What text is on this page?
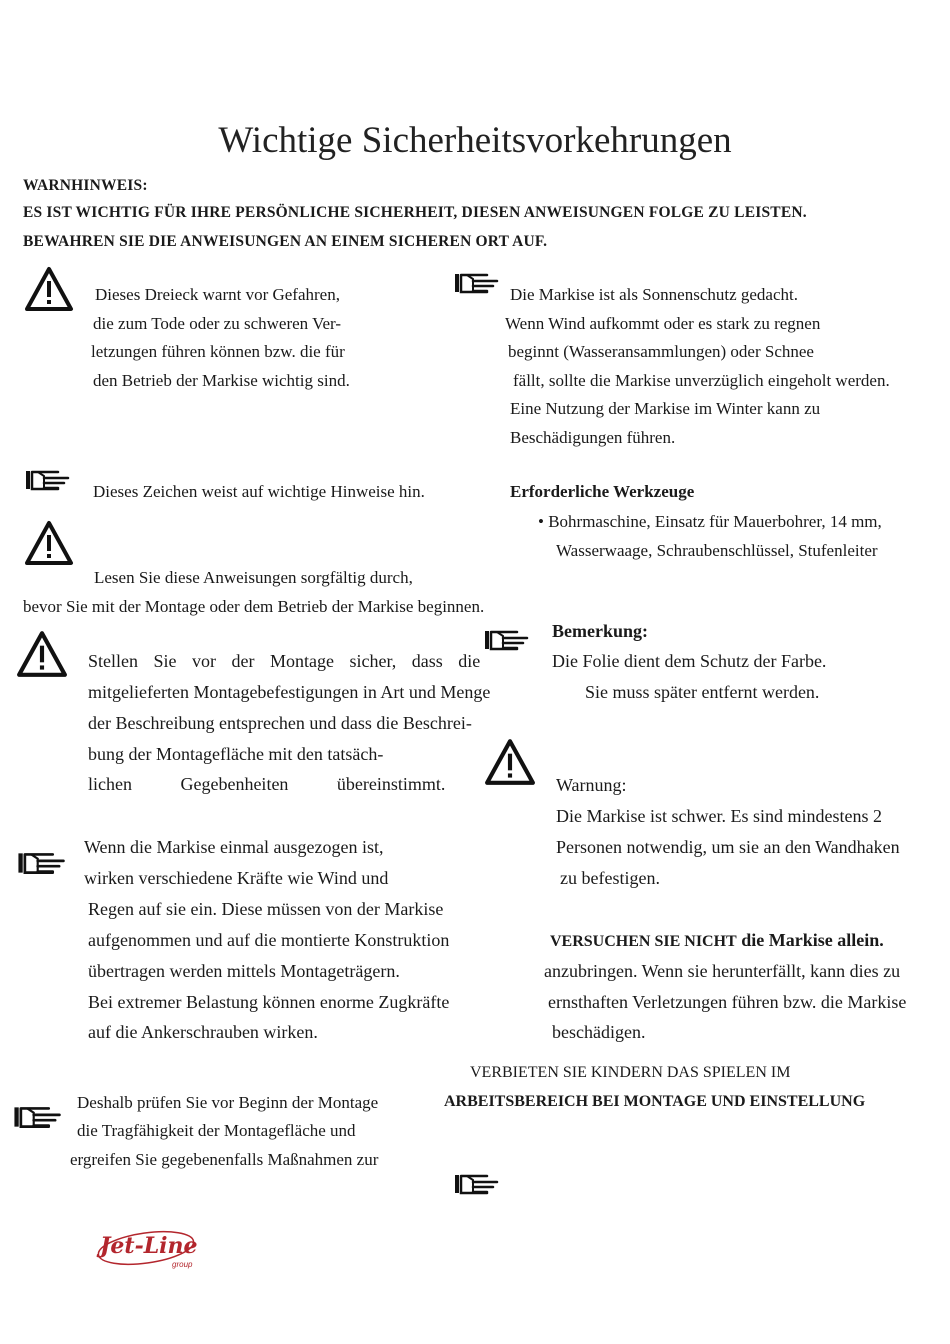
Wichtige Sicherheitsvorkehrungen
WARNHINWEIS:
ES IST WICHTIG FÜR IHRE PERSÖNLICHE SICHERHEIT, DIESEN ANWEISUNGEN FOLGE ZU LEISTEN.
BEWAHREN SIE DIE ANWEISUNGEN AN EINEM SICHEREN ORT AUF.
Dieses Dreieck warnt vor Gefahren,
die zum Tode oder zu schweren Ver-
letzungen führen können bzw. die für
den Betrieb der Markise wichtig sind.
Dieses Zeichen weist auf wichtige Hinweise hin.
Lesen Sie diese Anweisungen sorgfältig durch,
bevor Sie mit der Montage oder dem Betrieb der Markise beginnen.
Stellen Sie vor der Montage sicher, dass die
mitgelieferten Montagebefestigungen in Art und Menge
der Beschreibung entsprechen und dass die Beschrei-
bung der Montagefläche mit den tatsäch-
lichen Gegebenheiten übereinstimmt.
Wenn die Markise einmal ausgezogen ist,
wirken verschiedene Kräfte wie Wind und
Regen auf sie ein. Diese müssen von der Markise
aufgenommen und auf die montierte Konstruktion
übertragen werden mittels Montageträgern.
Bei extremer Belastung können enorme Zugkräfte
auf die Ankerschrauben wirken.
Deshalb prüfen Sie vor Beginn der Montage
die Tragfähigkeit der Montagefläche und
ergreifen Sie gegebenenfalls Maßnahmen zur
Jet-Line
group
Die Markise ist als Sonnenschutz gedacht.
Wenn Wind aufkommt oder es stark zu regnen
beginnt (Wasseransammlungen) oder Schnee
fällt, sollte die Markise unverzüglich eingeholt werden.
Eine Nutzung der Markise im Winter kann zu
Beschädigungen führen.
Erforderliche Werkzeuge
• Bohrmaschine, Einsatz für Mauerbohrer, 14 mm,
Wasserwaage, Schraubenschlüssel, Stufenleiter
Bemerkung:
Die Folie dient dem Schutz der Farbe.
Sie muss später entfernt werden.
Warnung:
Die Markise ist schwer. Es sind mindestens 2
Personen notwendig, um sie an den Wandhaken
zu befestigen.
VERSUCHEN SIE NICHT die Markise allein.
anzubringen. Wenn sie herunterfällt, kann dies zu
ernsthaften Verletzungen führen bzw. die Markise
beschädigen.
VERBIETEN SIE KINDERN DAS SPIELEN IM
ARBEITSBEREICH BEI MONTAGE UND EINSTELLUNG
